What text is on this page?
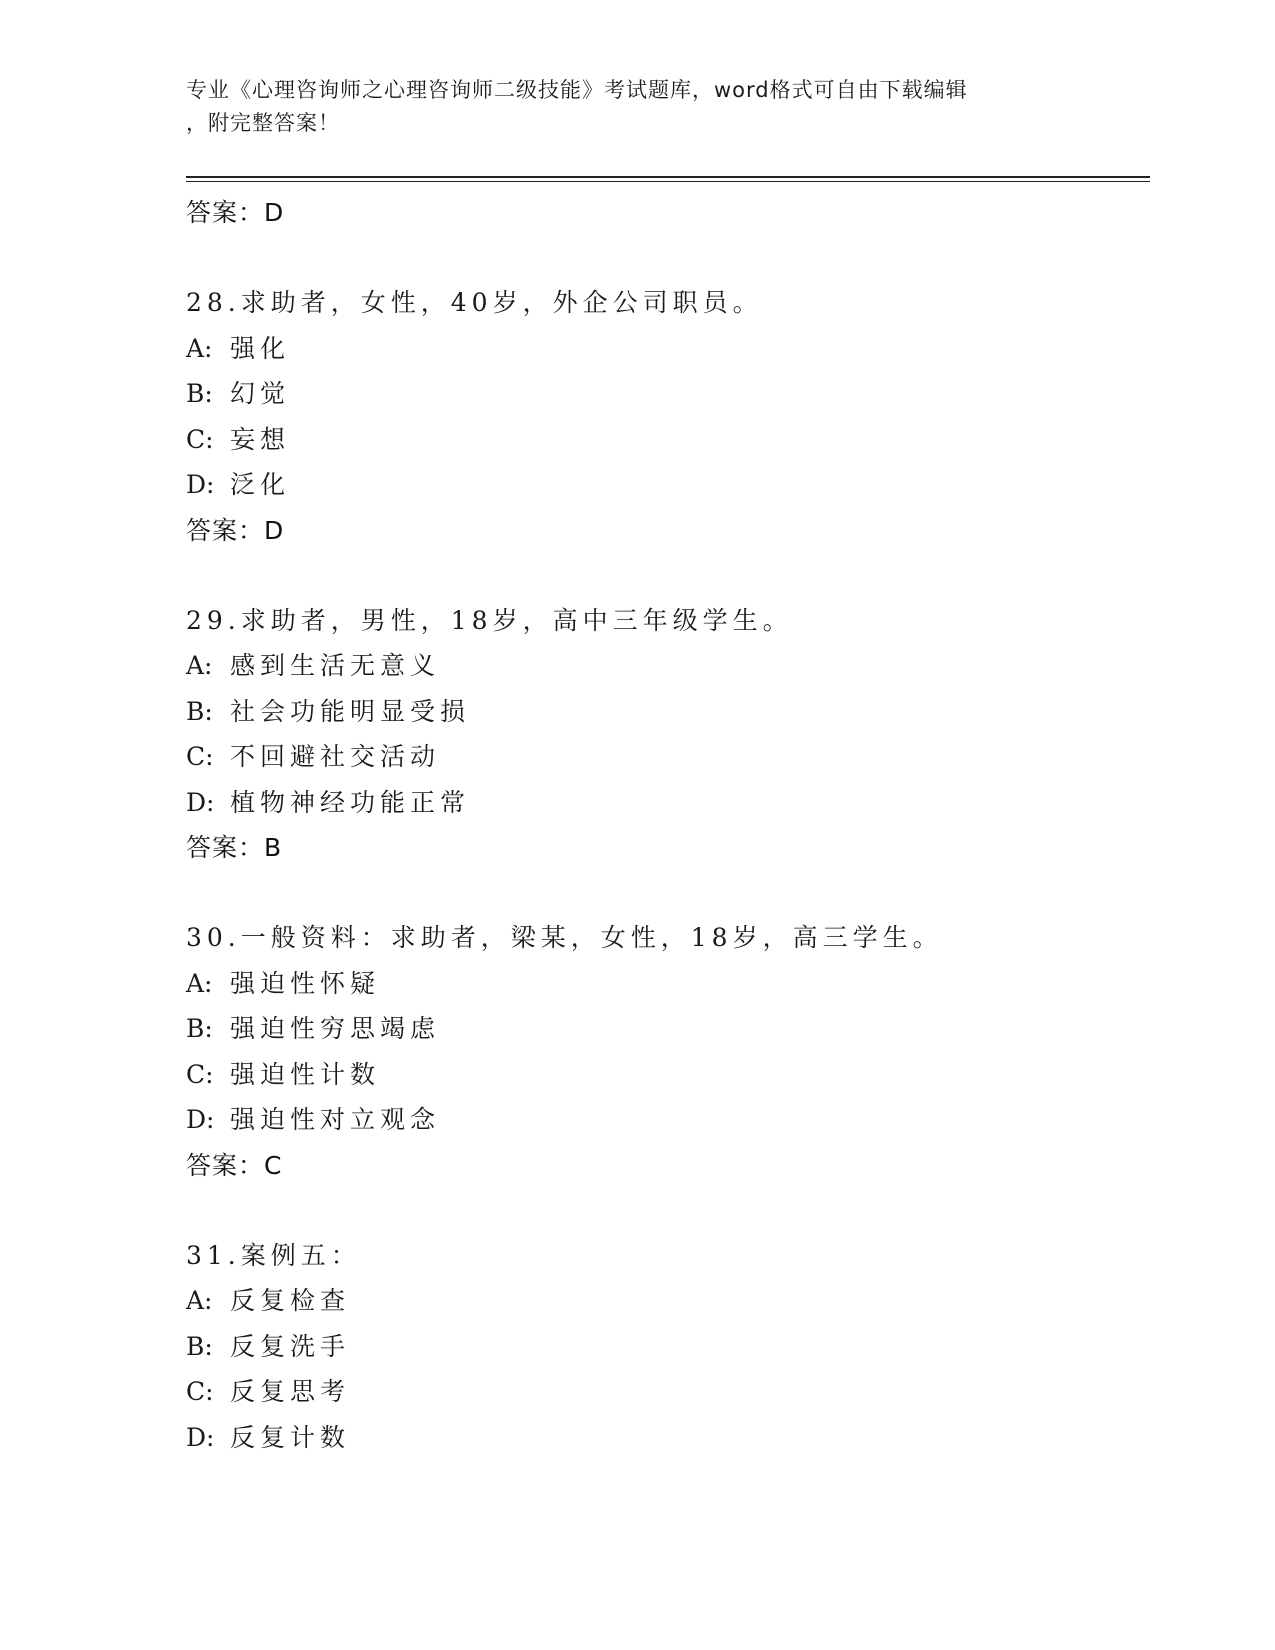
专业《心理咨询师之心理咨询师二级技能》考试题库，word格式可自由下载编辑
，附完整答案！
答案：D
28.求助者，女性，40岁，外企公司职员。
A: 强化
B: 幻觉
C: 妄想
D: 泛化
答案：D
29.求助者，男性，18岁，高中三年级学生。
A: 感到生活无意义
B: 社会功能明显受损
C: 不回避社交活动
D: 植物神经功能正常
答案：B
30.一般资料：求助者，梁某，女性，18岁，高三学生。
A: 强迫性怀疑
B: 强迫性穷思竭虑
C: 强迫性计数
D: 强迫性对立观念
答案：C
31.案例五：
A: 反复检查
B: 反复洗手
C: 反复思考
D: 反复计数
